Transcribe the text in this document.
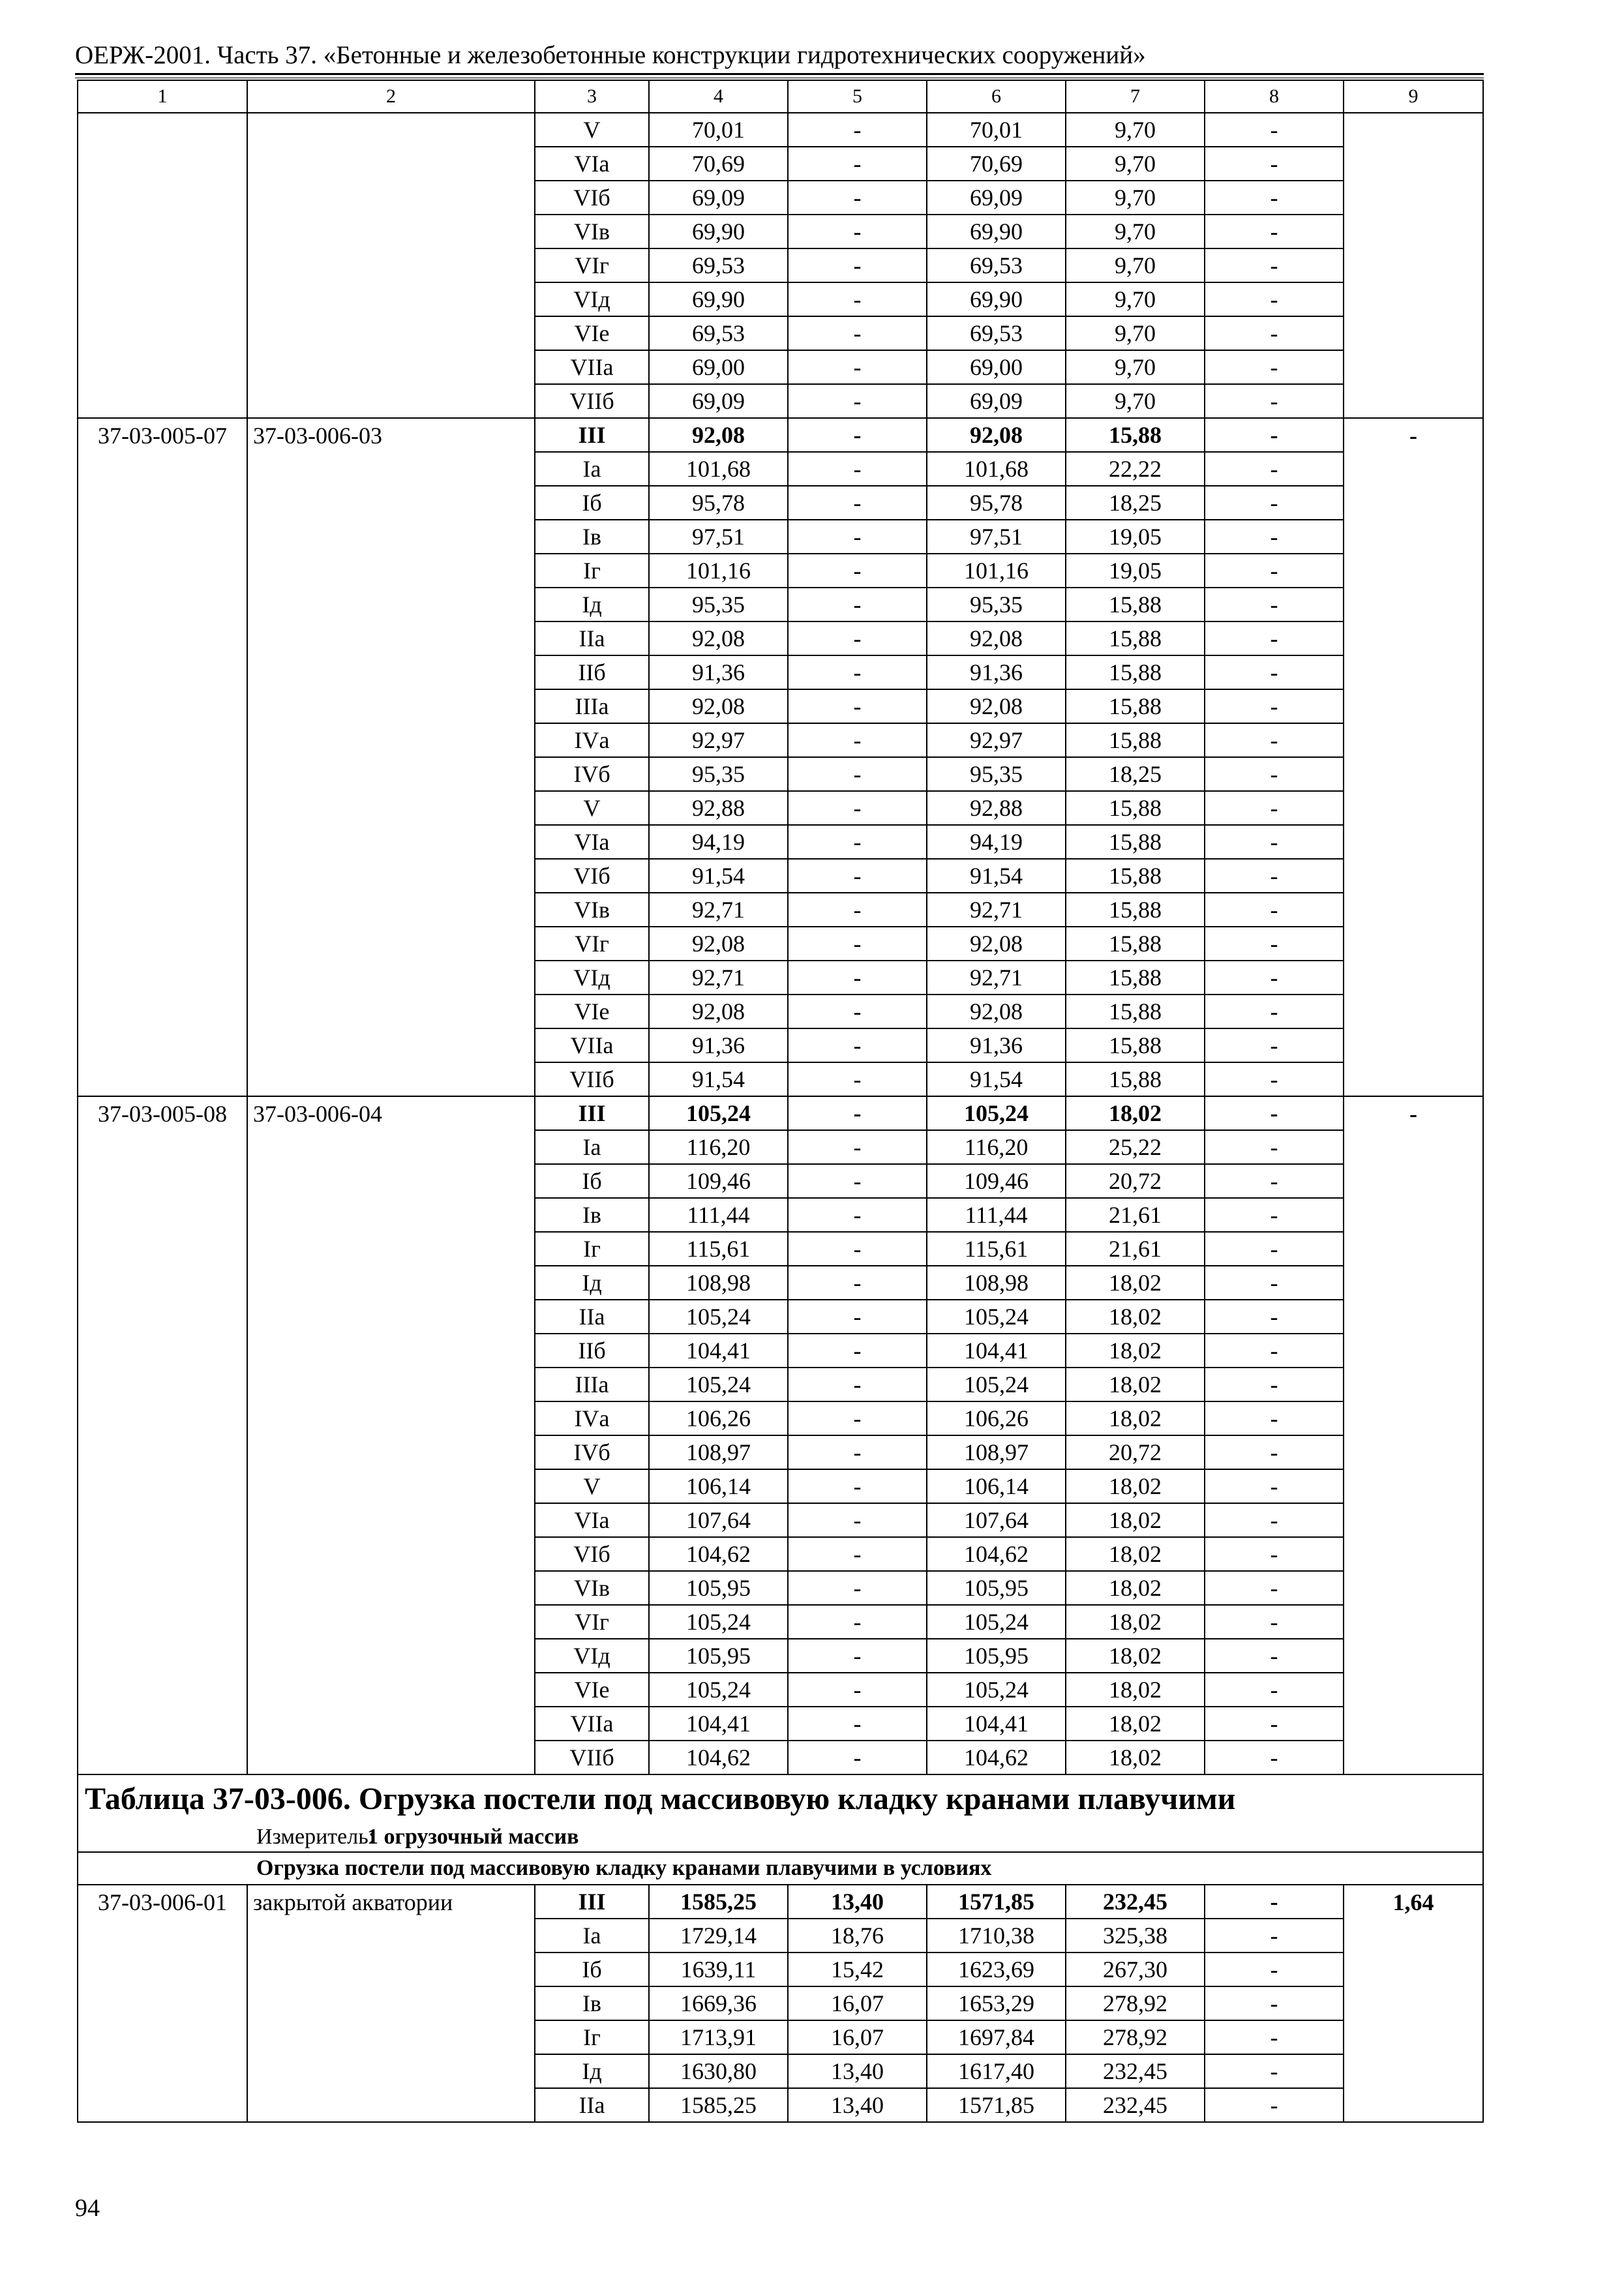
ОЕРЖ-2001. Часть 37. «Бетонные и железобетонные конструкции гидротехнических сооружений»
1	2	3	4	5	6	7	8	9
		V	70,01	-	70,01	9,70	-	
		VIа	70,69	-	70,69	9,70	-	
		VIб	69,09	-	69,09	9,70	-	
		VIв	69,90	-	69,90	9,70	-	
		VIг	69,53	-	69,53	9,70	-	
		VIд	69,90	-	69,90	9,70	-	
		VIе	69,53	-	69,53	9,70	-	
		VIIа	69,00	-	69,00	9,70	-	
		VIIб	69,09	-	69,09	9,70	-	
37-03-005-07	37-03-006-03	III	92,08	-	92,08	15,88	-	-
		Iа	101,68	-	101,68	22,22	-	
		Iб	95,78	-	95,78	18,25	-	
		Iв	97,51	-	97,51	19,05	-	
		Iг	101,16	-	101,16	19,05	-	
		Iд	95,35	-	95,35	15,88	-	
		IIа	92,08	-	92,08	15,88	-	
		IIб	91,36	-	91,36	15,88	-	
		IIIа	92,08	-	92,08	15,88	-	
		IVа	92,97	-	92,97	15,88	-	
		IVб	95,35	-	95,35	18,25	-	
		V	92,88	-	92,88	15,88	-	
		VIа	94,19	-	94,19	15,88	-	
		VIб	91,54	-	91,54	15,88	-	
		VIв	92,71	-	92,71	15,88	-	
		VIг	92,08	-	92,08	15,88	-	
		VIд	92,71	-	92,71	15,88	-	
		VIе	92,08	-	92,08	15,88	-	
		VIIа	91,36	-	91,36	15,88	-	
		VIIб	91,54	-	91,54	15,88	-	
37-03-005-08	37-03-006-04	III	105,24	-	105,24	18,02	-	-
		Iа	116,20	-	116,20	25,22	-	
		Iб	109,46	-	109,46	20,72	-	
		Iв	111,44	-	111,44	21,61	-	
		Iг	115,61	-	115,61	21,61	-	
		Iд	108,98	-	108,98	18,02	-	
		IIа	105,24	-	105,24	18,02	-	
		IIб	104,41	-	104,41	18,02	-	
		IIIа	105,24	-	105,24	18,02	-	
		IVа	106,26	-	106,26	18,02	-	
		IVб	108,97	-	108,97	20,72	-	
		V	106,14	-	106,14	18,02	-	
		VIа	107,64	-	107,64	18,02	-	
		VIб	104,62	-	104,62	18,02	-	
		VIв	105,95	-	105,95	18,02	-	
		VIг	105,24	-	105,24	18,02	-	
		VIд	105,95	-	105,95	18,02	-	
		VIе	105,24	-	105,24	18,02	-	
		VIIа	104,41	-	104,41	18,02	-	
		VIIб	104,62	-	104,62	18,02	-	
Таблица 37-03-006. Огрузка постели под массивовую кладку кранами плавучими								
Измеритель:1 огрузочный массив								
Огрузка постели под массивовую кладку кранами плавучими в условиях								
37-03-006-01	закрытой акватории	III	1585,25	13,40	1571,85	232,45	-	1,64
		Iа	1729,14	18,76	1710,38	325,38	-	
		Iб	1639,11	15,42	1623,69	267,30	-	
		Iв	1669,36	16,07	1653,29	278,92	-	
		Iг	1713,91	16,07	1697,84	278,92	-	
		Iд	1630,80	13,40	1617,40	232,45	-	
		IIа	1585,25	13,40	1571,85	232,45	-	
94
